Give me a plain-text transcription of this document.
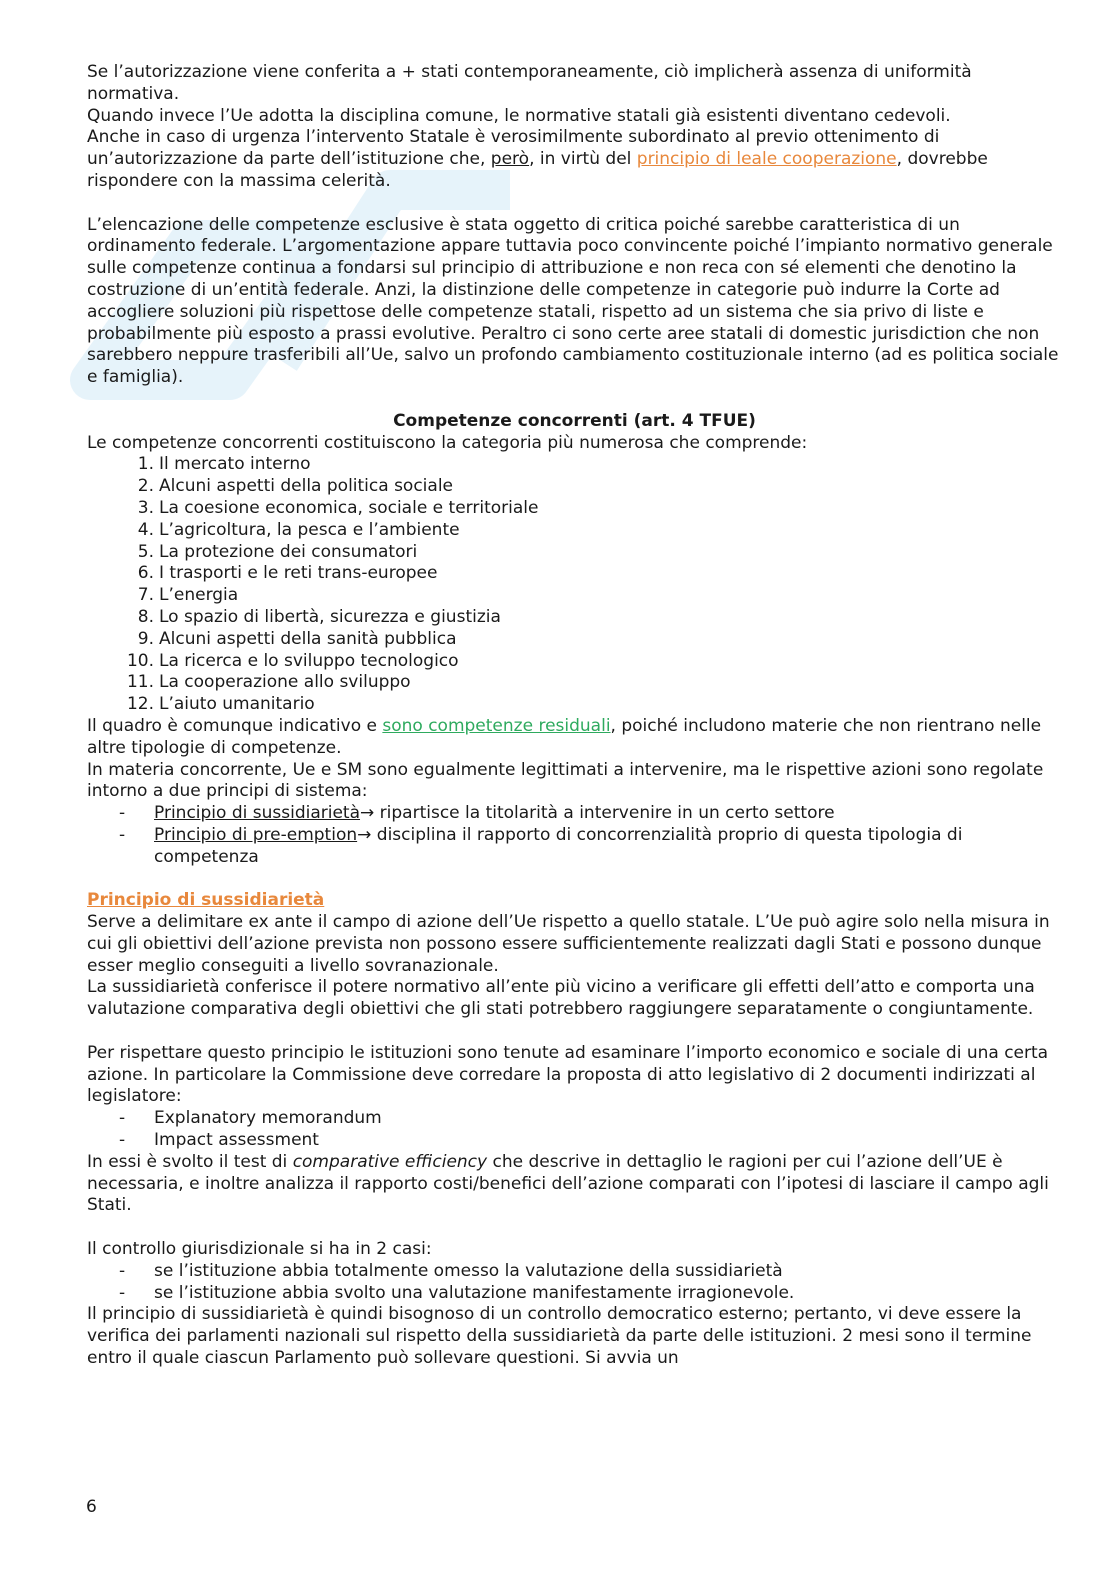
Se l’autorizzazione viene conferita a + stati contemporaneamente, ciò implicherà assenza di uniformità normativa.

Quando invece l’Ue adotta la disciplina comune, le normative statali già esistenti diventano cedevoli.

Anche in caso di urgenza l’intervento Statale è verosimilmente subordinato al previo ottenimento di un’autorizzazione da parte dell’istituzione che, però, in virtù del principio di leale cooperazione, dovrebbe rispondere con la massima celerità.

L’elencazione delle competenze esclusive è stata oggetto di critica poiché sarebbe caratteristica di un ordinamento federale. L’argomentazione appare tuttavia poco convincente poiché l’impianto normativo generale sulle competenze continua a fondarsi sul principio di attribuzione e non reca con sé elementi che denotino la costruzione di un’entità federale. Anzi, la distinzione delle competenze in categorie può indurre la Corte ad accogliere soluzioni più rispettose delle competenze statali, rispetto ad un sistema che sia privo di liste e probabilmente più esposto a prassi evolutive. Peraltro ci sono certe aree statali di domestic jurisdiction che non sarebbero neppure trasferibili all’Ue, salvo un profondo cambiamento costituzionale interno (ad es politica sociale e famiglia).

Competenze concorrenti (art. 4 TFUE)

Le competenze concorrenti costituiscono la categoria più numerosa che comprende:

1. Il mercato interno
2. Alcuni aspetti della politica sociale
3. La coesione economica, sociale e territoriale
4. L’agricoltura, la pesca e l’ambiente
5. La protezione dei consumatori
6. I trasporti e le reti trans-europee
7. L’energia
8. Lo spazio di libertà, sicurezza e giustizia
9. Alcuni aspetti della sanità pubblica
10. La ricerca e lo sviluppo tecnologico
11. La cooperazione allo sviluppo
12. L’aiuto umanitario

Il quadro è comunque indicativo e sono competenze residuali, poiché includono materie che non rientrano nelle altre tipologie di competenze.

In materia concorrente, Ue e SM sono egualmente legittimati a intervenire, ma le rispettive azioni sono regolate intorno a due principi di sistema:

-	Principio di sussidiarietà→ ripartisce la titolarità a intervenire in un certo settore
-	Principio di pre-emption→ disciplina il rapporto di concorrenzialità proprio di questa tipologia di competenza

Principio di sussidiarietà

Serve a delimitare ex ante il campo di azione dell’Ue rispetto a quello statale. L’Ue può agire solo nella misura in cui gli obiettivi dell’azione prevista non possono essere sufficientemente realizzati dagli Stati e possono dunque esser meglio conseguiti a livello sovranazionale.

La sussidiarietà conferisce il potere normativo all’ente più vicino a verificare gli effetti dell’atto e comporta una valutazione comparativa degli obiettivi che gli stati potrebbero raggiungere separatamente o congiuntamente.

Per rispettare questo principio le istituzioni sono tenute ad esaminare l’importo economico e sociale di una certa azione. In particolare la Commissione deve corredare la proposta di atto legislativo di 2 documenti indirizzati al legislatore:

-	Explanatory memorandum
-	Impact assessment

In essi è svolto il test di comparative efficiency che descrive in dettaglio le ragioni per cui l’azione dell’UE è necessaria, e inoltre analizza il rapporto costi/benefici dell’azione comparati con l’ipotesi di lasciare il campo agli Stati.

Il controllo giurisdizionale si ha in 2 casi:

-	se l’istituzione abbia totalmente omesso la valutazione della sussidiarietà
-	se l’istituzione abbia svolto una valutazione manifestamente irragionevole.

Il principio di sussidiarietà è quindi bisognoso di un controllo democratico esterno; pertanto, vi deve essere la verifica dei parlamenti nazionali sul rispetto della sussidiarietà da parte delle istituzioni. 2 mesi sono il termine entro il quale ciascun Parlamento può sollevare questioni. Si avvia un

6
